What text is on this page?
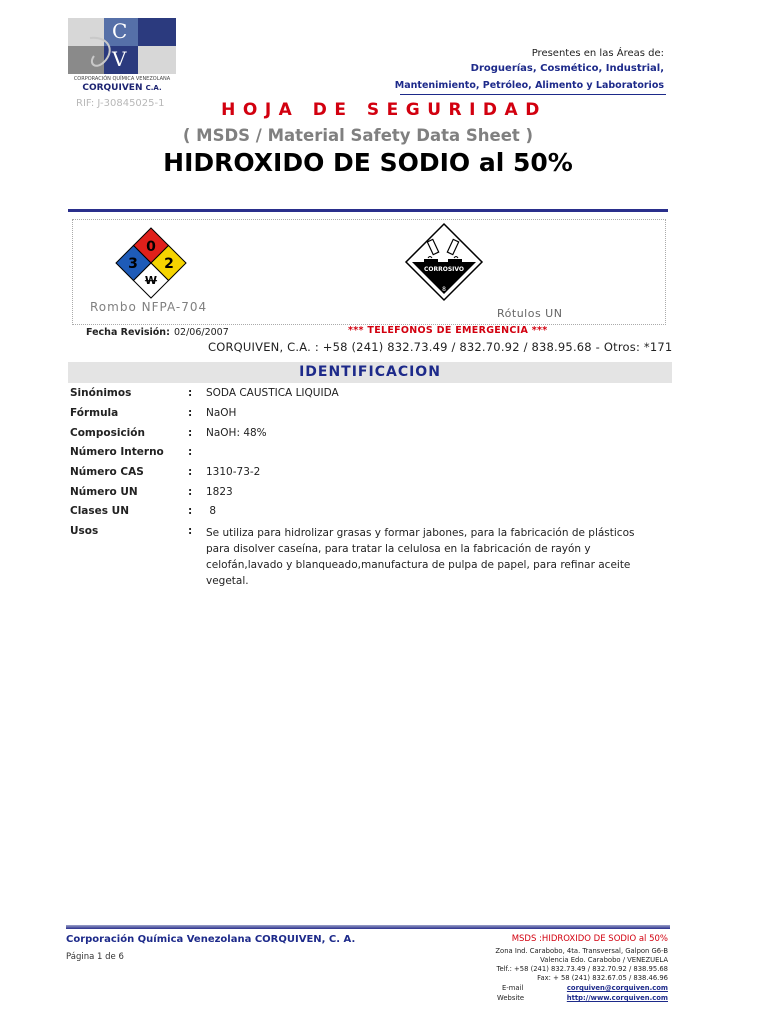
C
V
CORPORACIÓN QUÍMICA VENEZOLANA
CORQUIVEN C.A.
RIF: J-30845025-1
Presentes en las Áreas de:
Droguerías, Cosmético, Industrial,
Mantenimiento, Petróleo, Alimento y Laboratorios
HOJA DE SEGURIDAD
( MSDS / Material Safety Data Sheet )
HIDROXIDO DE SODIO al 50%
0
3 2
W
Rombo NFPA-704
CORROSIVO
8
Rótulos UN
Fecha Revisión: 02/06/2007	*** TELEFONOS DE EMERGENCIA ***
CORQUIVEN, C.A. : +58 (241) 832.73.49 / 832.70.92 / 838.95.68 - Otros: *171
IDENTIFICACION
Sinónimos	: SODA CAUSTICA LIQUIDA
Fórmula	: NaOH
Composición	: NaOH: 48%
Número Interno :
Número CAS	: 1310-73-2
Número UN	: 1823
Clases UN	: 8
Usos	: Se utiliza para hidrolizar grasas y formar jabones, para la fabricación de plásticos para disolver caseína, para tratar la celulosa en la fabricación de rayón y celofán,lavado y blanqueado,manufactura de pulpa de papel, para refinar aceite vegetal.
Corporación Química Venezolana CORQUIVEN, C. A.
Página 1 de 6
MSDS :HIDROXIDO DE SODIO al 50%
Zona Ind. Carabobo, 4ta. Transversal, Galpon G6-B
Valencia Edo. Carabobo / VENEZUELA
Telf.: +58 (241) 832.73.49 / 832.70.92 / 838.95.68
Fax: + 58 (241) 832.67.05 / 838.46.96
E-mail	corquiven@corquiven.com
Website	http://www.corquiven.com
